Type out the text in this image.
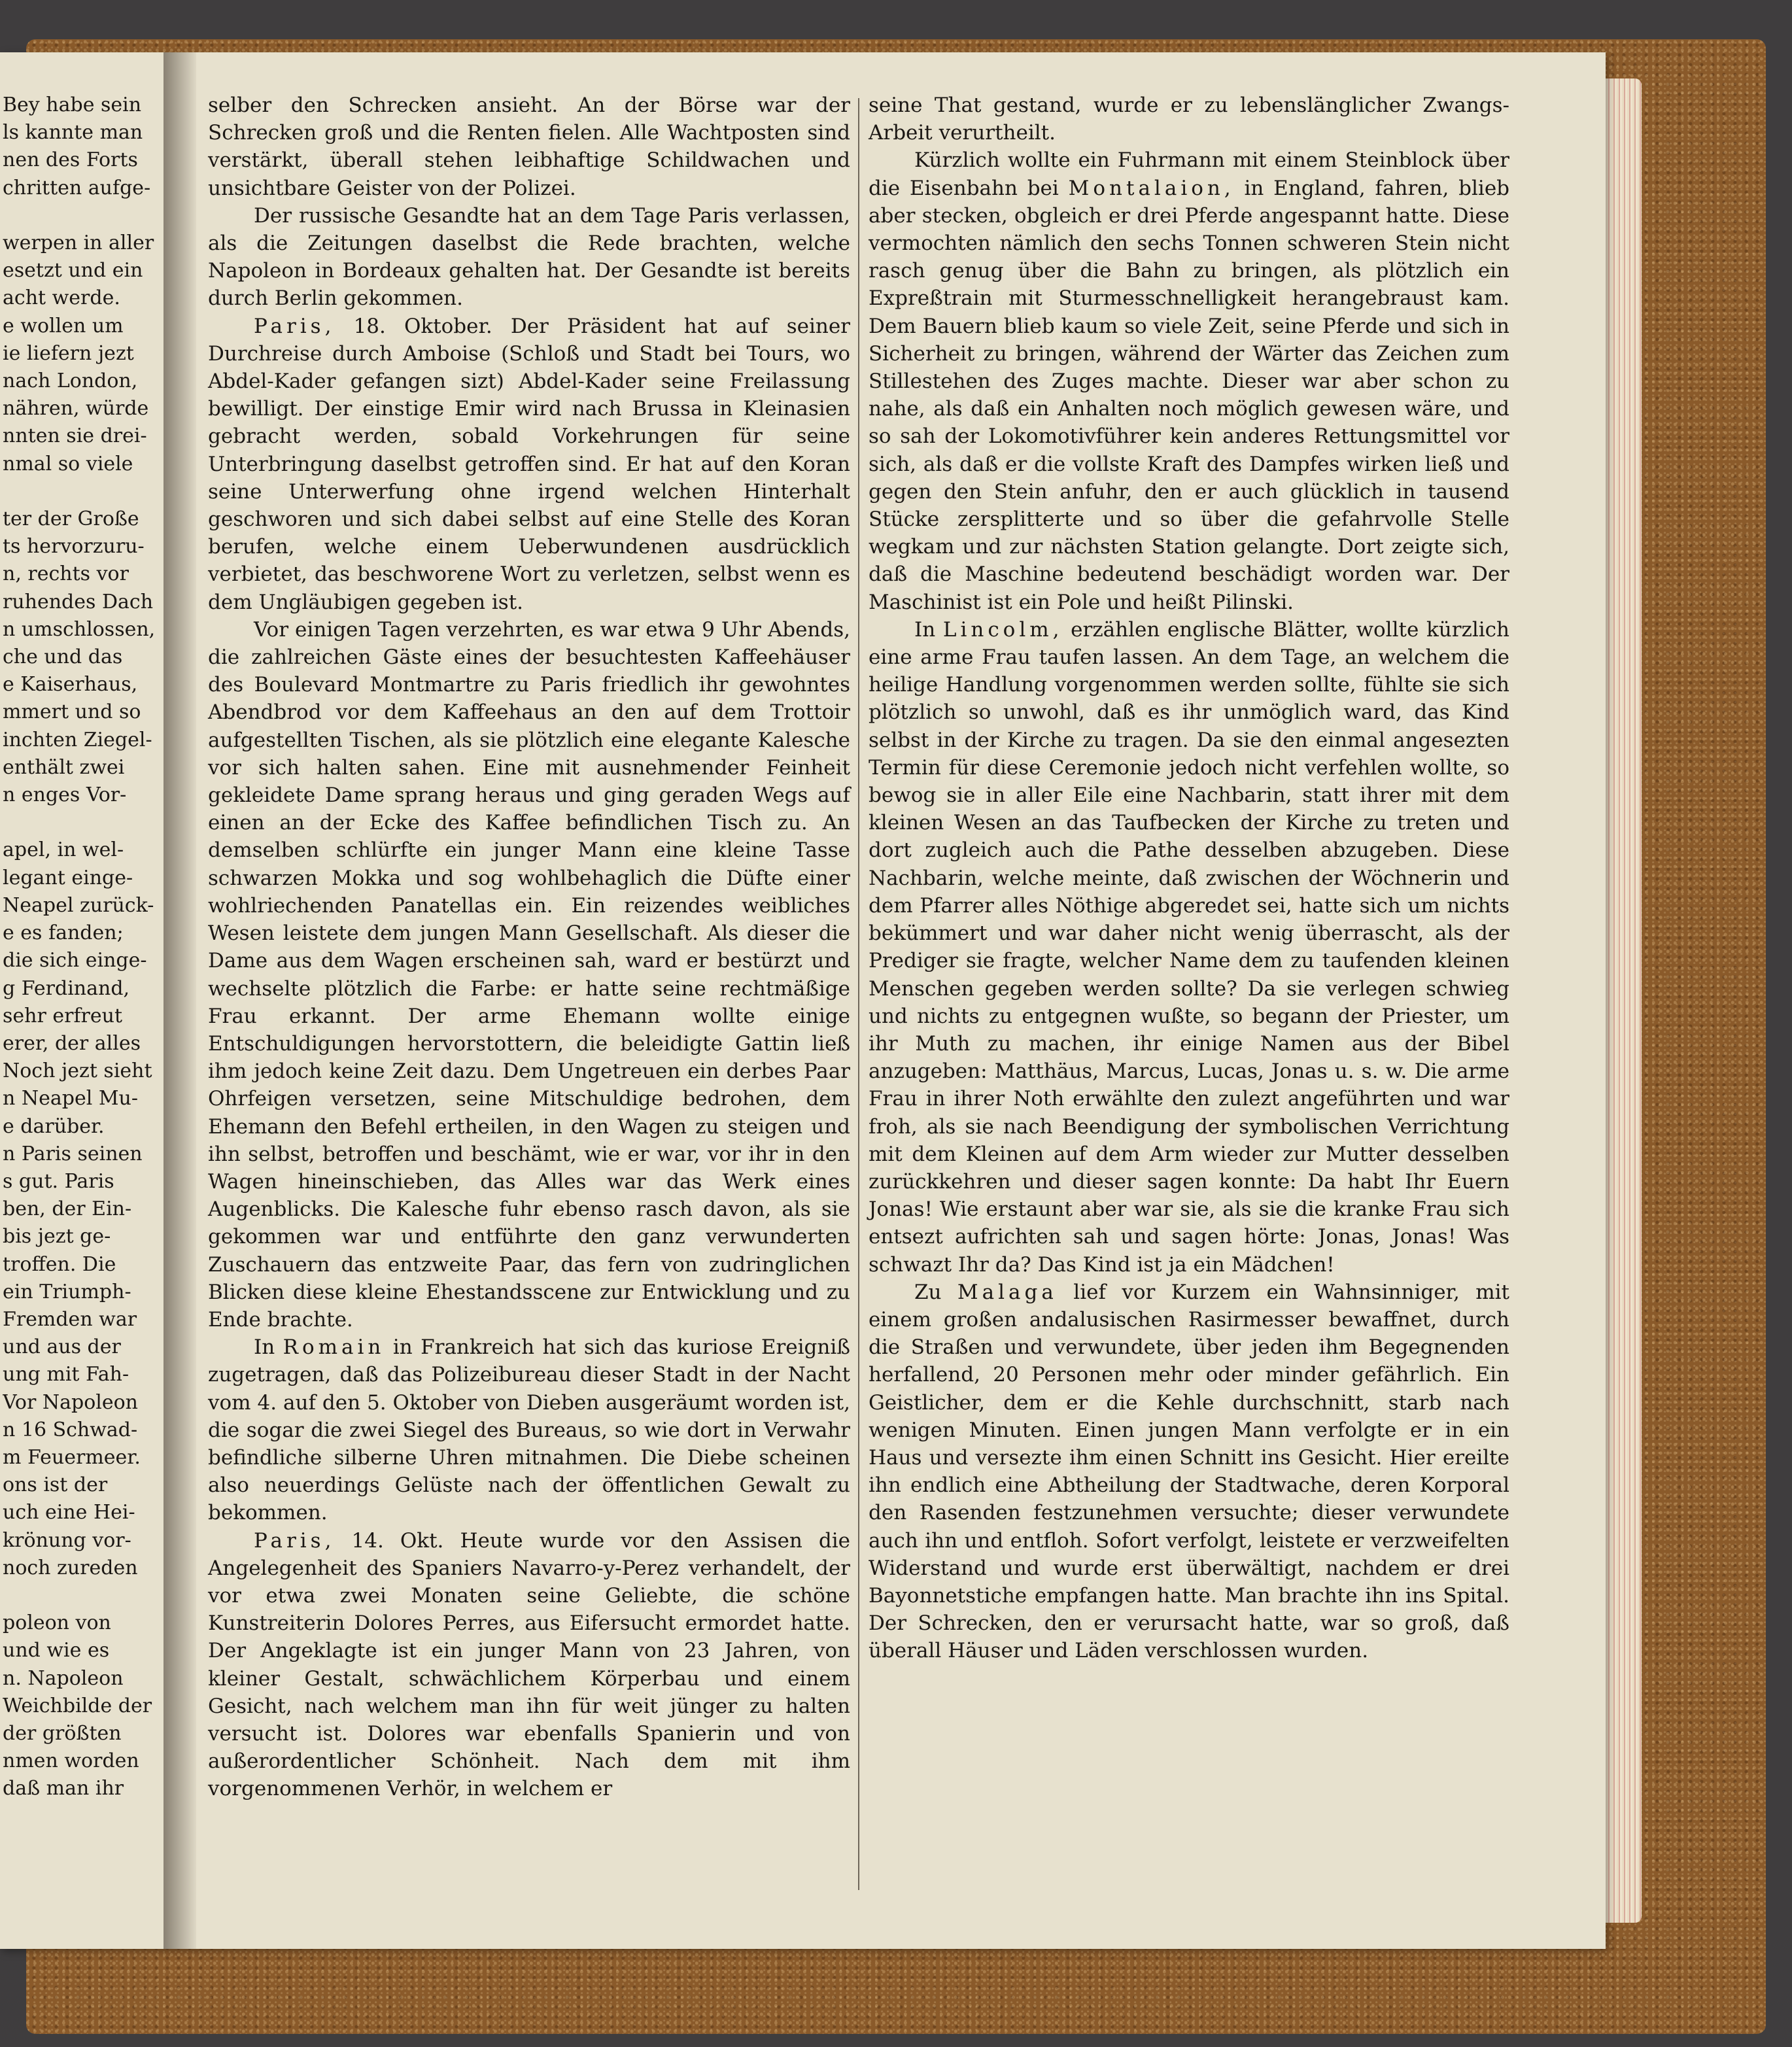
Bey habe sein
ls kannte man
nen des Forts
chritten aufge-

werpen in aller
esetzt und ein
acht werde.
e wollen um
ie liefern jezt
nach London,
nähren, würde
nnten sie drei-
nmal so viele

ter der Große
ts hervorzuru-
n, rechts vor
ruhendes Dach
n umschlossen,
che und das
e Kaiserhaus,
mmert und so
inchten Ziegel-
enthält zwei
n enges Vor-

apel, in wel-
legant einge-
Neapel zurück-
e es fanden;
die sich einge-
g Ferdinand,
sehr erfreut
erer, der alles
Noch jezt sieht
n Neapel Mu-
e darüber.
n Paris seinen
s gut. Paris
ben, der Ein-
bis jezt ge-
troffen. Die
ein Triumph-
Fremden war
und aus der
ung mit Fah-
Vor Napoleon
n 16 Schwad-
m Feuermeer.
ons ist der
uch eine Hei-
krönung vor-
noch zureden

poleon von
und wie es
n. Napoleon
Weichbilde der
der größten
nmen worden
daß man ihr

selber den Schrecken ansieht. An der Börse war der Schrecken groß und die Renten fielen. Alle Wachtposten sind verstärkt, überall stehen leibhaftige Schildwachen und unsichtbare Geister von der Polizei.

Der russische Gesandte hat an dem Tage Paris verlassen, als die Zeitungen daselbst die Rede brachten, welche Napoleon in Bordeaux gehalten hat. Der Gesandte ist bereits durch Berlin gekommen.

Paris, 18. Oktober. Der Präsident hat auf seiner Durchreise durch Amboise (Schloß und Stadt bei Tours, wo Abdel-Kader gefangen sizt) Abdel-Kader seine Freilassung bewilligt. Der einstige Emir wird nach Brussa in Kleinasien gebracht werden, sobald Vorkehrungen für seine Unterbringung daselbst getroffen sind. Er hat auf den Koran seine Unterwerfung ohne irgend welchen Hinterhalt geschworen und sich dabei selbst auf eine Stelle des Koran berufen, welche einem Ueberwundenen ausdrücklich verbietet, das beschworene Wort zu verletzen, selbst wenn es dem Ungläubigen gegeben ist.

Vor einigen Tagen verzehrten, es war etwa 9 Uhr Abends, die zahlreichen Gäste eines der besuchtesten Kaffeehäuser des Boulevard Montmartre zu Paris friedlich ihr gewohntes Abendbrod vor dem Kaffeehaus an den auf dem Trottoir aufgestellten Tischen, als sie plötzlich eine elegante Kalesche vor sich halten sahen. Eine mit ausnehmender Feinheit gekleidete Dame sprang heraus und ging geraden Wegs auf einen an der Ecke des Kaffee befindlichen Tisch zu. An demselben schlürfte ein junger Mann eine kleine Tasse schwarzen Mokka und sog wohlbehaglich die Düfte einer wohlriechenden Panatellas ein. Ein reizendes weibliches Wesen leistete dem jungen Mann Gesellschaft. Als dieser die Dame aus dem Wagen erscheinen sah, ward er bestürzt und wechselte plötzlich die Farbe: er hatte seine rechtmäßige Frau erkannt. Der arme Ehemann wollte einige Entschuldigungen hervorstottern, die beleidigte Gattin ließ ihm jedoch keine Zeit dazu. Dem Ungetreuen ein derbes Paar Ohrfeigen versetzen, seine Mitschuldige bedrohen, dem Ehemann den Befehl ertheilen, in den Wagen zu steigen und ihn selbst, betroffen und beschämt, wie er war, vor ihr in den Wagen hineinschieben, das Alles war das Werk eines Augenblicks. Die Kalesche fuhr ebenso rasch davon, als sie gekommen war und entführte den ganz verwunderten Zuschauern das entzweite Paar, das fern von zudringlichen Blicken diese kleine Ehestandsscene zur Entwicklung und zu Ende brachte.

In Romain in Frankreich hat sich das kuriose Ereigniß zugetragen, daß das Polizeibureau dieser Stadt in der Nacht vom 4. auf den 5. Oktober von Dieben ausgeräumt worden ist, die sogar die zwei Siegel des Bureaus, so wie dort in Verwahr befindliche silberne Uhren mitnahmen. Die Diebe scheinen also neuerdings Gelüste nach der öffentlichen Gewalt zu bekommen.

Paris, 14. Okt. Heute wurde vor den Assisen die Angelegenheit des Spaniers Navarro-y-Perez verhandelt, der vor etwa zwei Monaten seine Geliebte, die schöne Kunstreiterin Dolores Perres, aus Eifersucht ermordet hatte. Der Angeklagte ist ein junger Mann von 23 Jahren, von kleiner Gestalt, schwächlichem Körperbau und einem Gesicht, nach welchem man ihn für weit jünger zu halten versucht ist. Dolores war ebenfalls Spanierin und von außerordentlicher Schönheit. Nach dem mit ihm vorgenommenen Verhör, in welchem er

seine That gestand, wurde er zu lebenslänglicher Zwangs-Arbeit verurtheilt.

Kürzlich wollte ein Fuhrmann mit einem Steinblock über die Eisenbahn bei Montalaion, in England, fahren, blieb aber stecken, obgleich er drei Pferde angespannt hatte. Diese vermochten nämlich den sechs Tonnen schweren Stein nicht rasch genug über die Bahn zu bringen, als plötzlich ein Expreßtrain mit Sturmesschnelligkeit herangebraust kam. Dem Bauern blieb kaum so viele Zeit, seine Pferde und sich in Sicherheit zu bringen, während der Wärter das Zeichen zum Stillestehen des Zuges machte. Dieser war aber schon zu nahe, als daß ein Anhalten noch möglich gewesen wäre, und so sah der Lokomotivführer kein anderes Rettungsmittel vor sich, als daß er die vollste Kraft des Dampfes wirken ließ und gegen den Stein anfuhr, den er auch glücklich in tausend Stücke zersplitterte und so über die gefahrvolle Stelle wegkam und zur nächsten Station gelangte. Dort zeigte sich, daß die Maschine bedeutend beschädigt worden war. Der Maschinist ist ein Pole und heißt Pilinski.

In Lincolm, erzählen englische Blätter, wollte kürzlich eine arme Frau taufen lassen. An dem Tage, an welchem die heilige Handlung vorgenommen werden sollte, fühlte sie sich plötzlich so unwohl, daß es ihr unmöglich ward, das Kind selbst in der Kirche zu tragen. Da sie den einmal angesezten Termin für diese Ceremonie jedoch nicht verfehlen wollte, so bewog sie in aller Eile eine Nachbarin, statt ihrer mit dem kleinen Wesen an das Taufbecken der Kirche zu treten und dort zugleich auch die Pathe desselben abzugeben. Diese Nachbarin, welche meinte, daß zwischen der Wöchnerin und dem Pfarrer alles Nöthige abgeredet sei, hatte sich um nichts bekümmert und war daher nicht wenig überrascht, als der Prediger sie fragte, welcher Name dem zu taufenden kleinen Menschen gegeben werden sollte? Da sie verlegen schwieg und nichts zu entgegnen wußte, so begann der Priester, um ihr Muth zu machen, ihr einige Namen aus der Bibel anzugeben: Matthäus, Marcus, Lucas, Jonas u. s. w. Die arme Frau in ihrer Noth erwählte den zulezt angeführten und war froh, als sie nach Beendigung der symbolischen Verrichtung mit dem Kleinen auf dem Arm wieder zur Mutter desselben zurückkehren und dieser sagen konnte: Da habt Ihr Euern Jonas! Wie erstaunt aber war sie, als sie die kranke Frau sich entsezt aufrichten sah und sagen hörte: Jonas, Jonas! Was schwazt Ihr da? Das Kind ist ja ein Mädchen!

Zu Malaga lief vor Kurzem ein Wahnsinniger, mit einem großen andalusischen Rasirmesser bewaffnet, durch die Straßen und verwundete, über jeden ihm Begegnenden herfallend, 20 Personen mehr oder minder gefährlich. Ein Geistlicher, dem er die Kehle durchschnitt, starb nach wenigen Minuten. Einen jungen Mann verfolgte er in ein Haus und versezte ihm einen Schnitt ins Gesicht. Hier ereilte ihn endlich eine Abtheilung der Stadtwache, deren Korporal den Rasenden festzunehmen versuchte; dieser verwundete auch ihn und entfloh. Sofort verfolgt, leistete er verzweifelten Widerstand und wurde erst überwältigt, nachdem er drei Bayonnetstiche empfangen hatte. Man brachte ihn ins Spital. Der Schrecken, den er verursacht hatte, war so groß, daß überall Häuser und Läden verschlossen wurden.
